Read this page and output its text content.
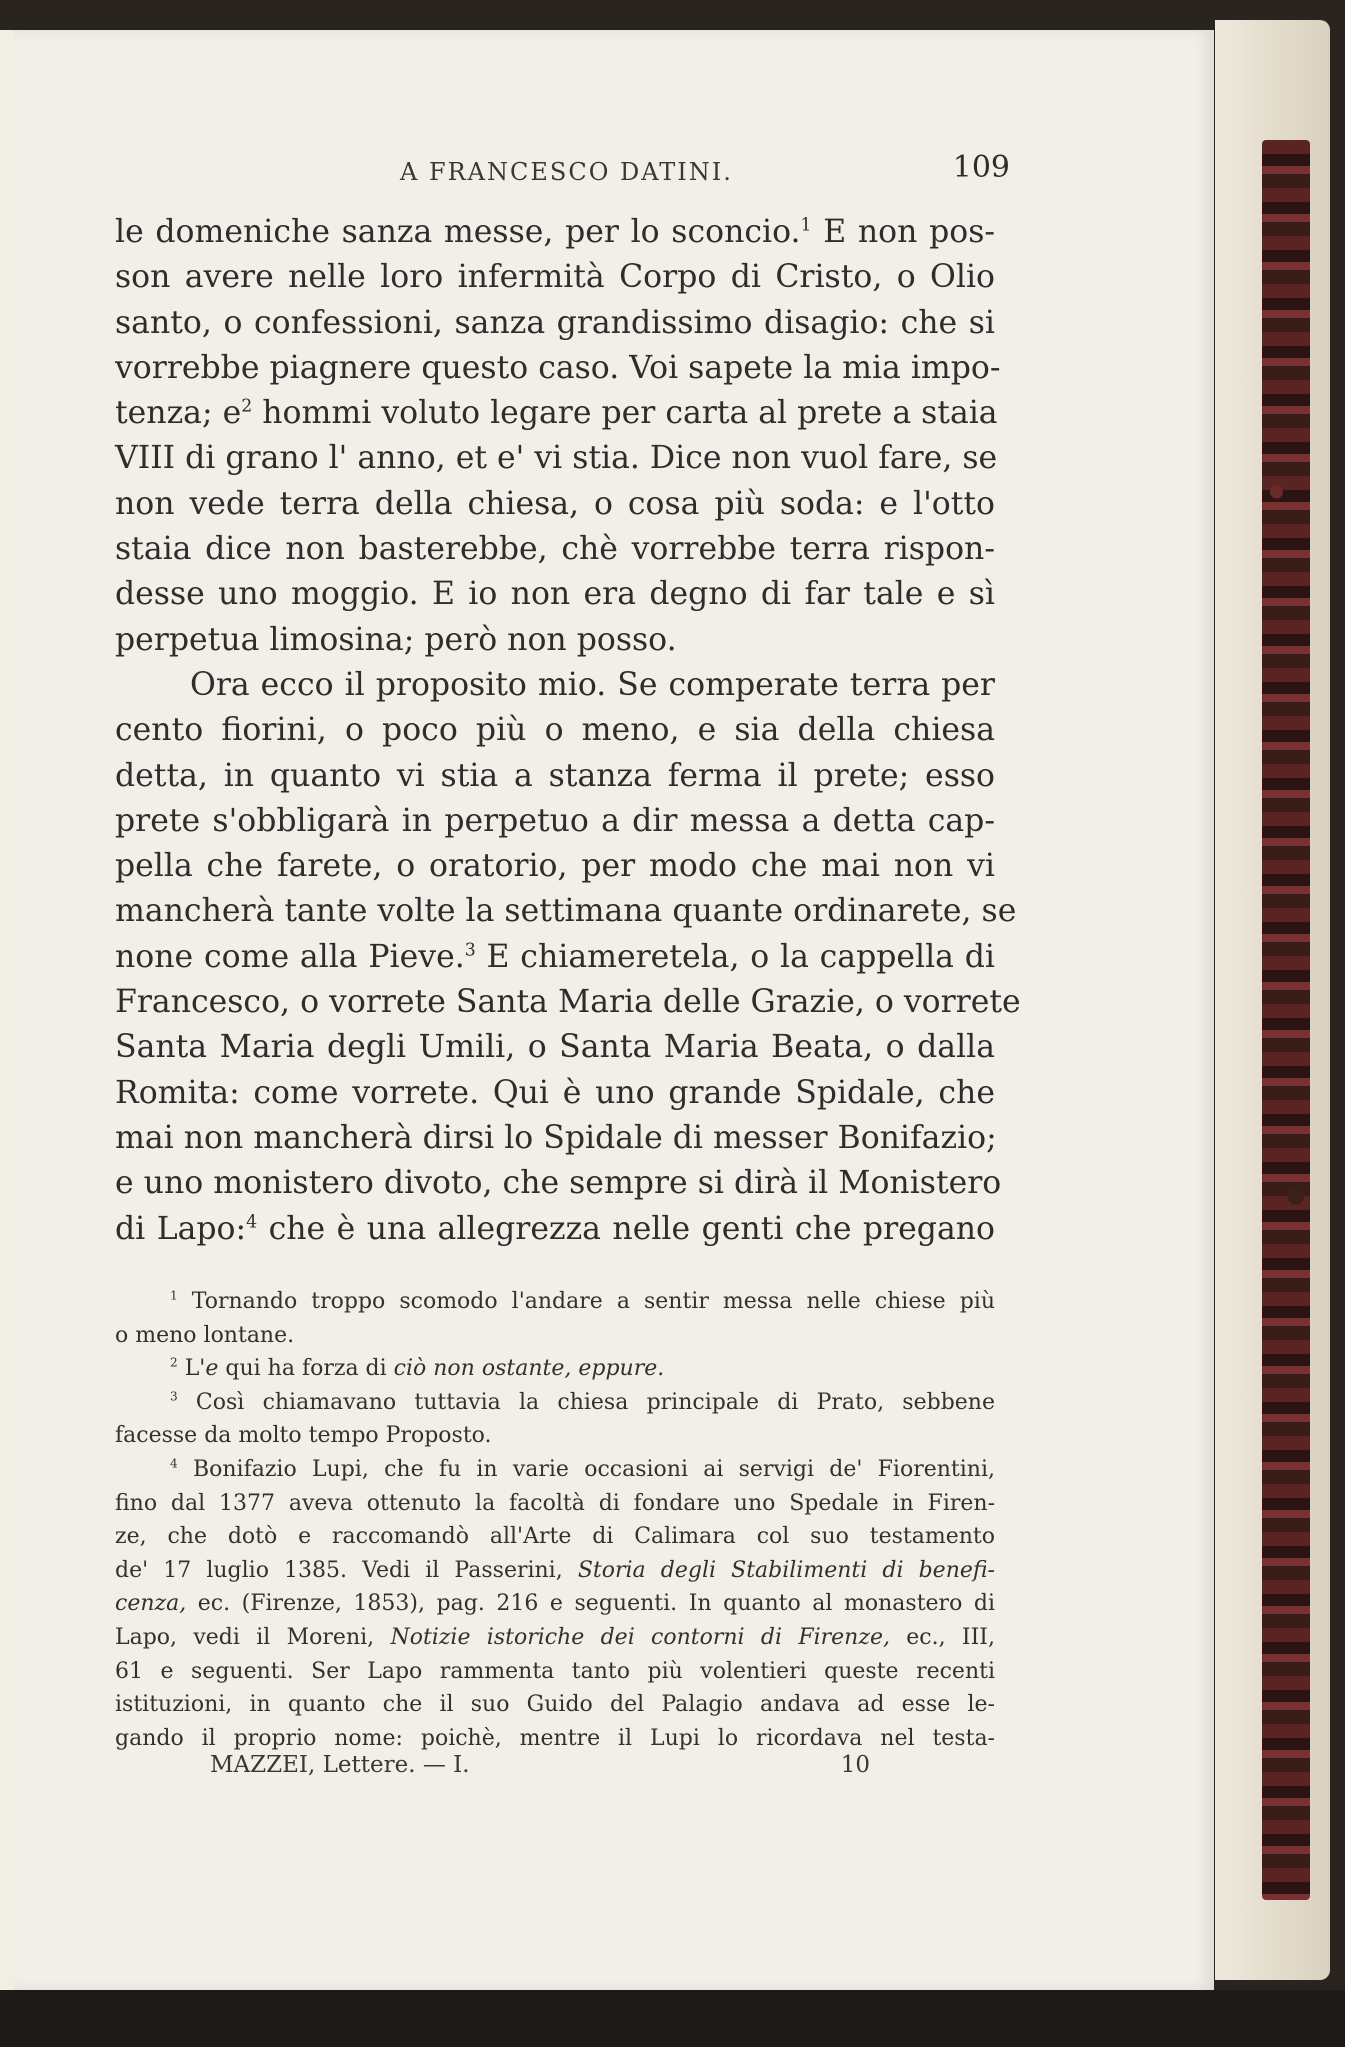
A FRANCESCO DATINI.	109
le domeniche sanza messe, per lo sconcio.$^1$ E non pos-
son avere nelle loro infermità Corpo di Cristo, o Olio
santo, o confessioni, sanza grandissimo disagio: che si
vorrebbe piagnere questo caso. Voi sapete la mia impo-
tenza; $e^2$ hommi voluto legare per carta al prete a staia
VIII di grano l' anno, et e' vi stia. Dice non vuol fare, se
non vede terra della chiesa, o cosa più soda: e l'otto
staia dice non basterebbe, chè vorrebbe terra rispon-
desse uno moggio. E io non era degno di far tale e sì
perpetua limosina; però non posso.
Ora ecco il proposito mio. Se comperate terra per
cento fiorini, o poco più o meno, e sia della chiesa
detta, in quanto vi stia a stanza ferma il prete; esso
prete s'obbligarà in perpetuo a dir messa a detta cap-
pella che farete, o oratorio, per modo che mai non vi
mancherà tante volte la settimana quante ordinarete, se
none come alla Pieve.$^3$ E chiameretela, o la cappella di
Francesco, o vorrete Santa Maria delle Grazie, o vorrete
Santa Maria degli Umili, o Santa Maria Beata, o dalla
Romita: come vorrete. Qui è uno grande Spidale, che
mai non mancherà dirsi lo Spidale di messer Bonifazio;
e uno monistero divoto, che sempre si dirà il Monistero
di Lapo:$^4$ che è una allegrezza nelle genti che pregano
$^1$ Tornando troppo scomodo l'andare a sentir messa nelle chiese più
o meno lontane.
$^2$ L'e qui ha forza di ciò non ostante, eppure.
$^3$ Così chiamavano tuttavia la chiesa principale di Prato, sebbene
facesse da molto tempo Proposto.
$^4$ Bonifazio Lupi, che fu in varie occasioni ai servigi de' Fiorentini,
fino dal 1377 aveva ottenuto la facoltà di fondare uno Spedale in Firen-
ze, che dotò e raccomandò all'Arte di Calimara col suo testamento
de' 17 luglio 1385. Vedi il Passerini, Storia degli Stabilimenti di benefi-
cenza, ec. (Firenze, 1853), pag. 216 e seguenti. In quanto al monastero di
Lapo, vedi il Moreni, Notizie istoriche dei contorni di Firenze, ec., III,
61 e seguenti. Ser Lapo rammenta tanto più volentieri queste recenti
istituzioni, in quanto che il suo Guido del Palagio andava ad esse le-
gando il proprio nome: poichè, mentre il Lupi lo ricordava nel testa-
MAZZEI, Lettere. — I.	10
